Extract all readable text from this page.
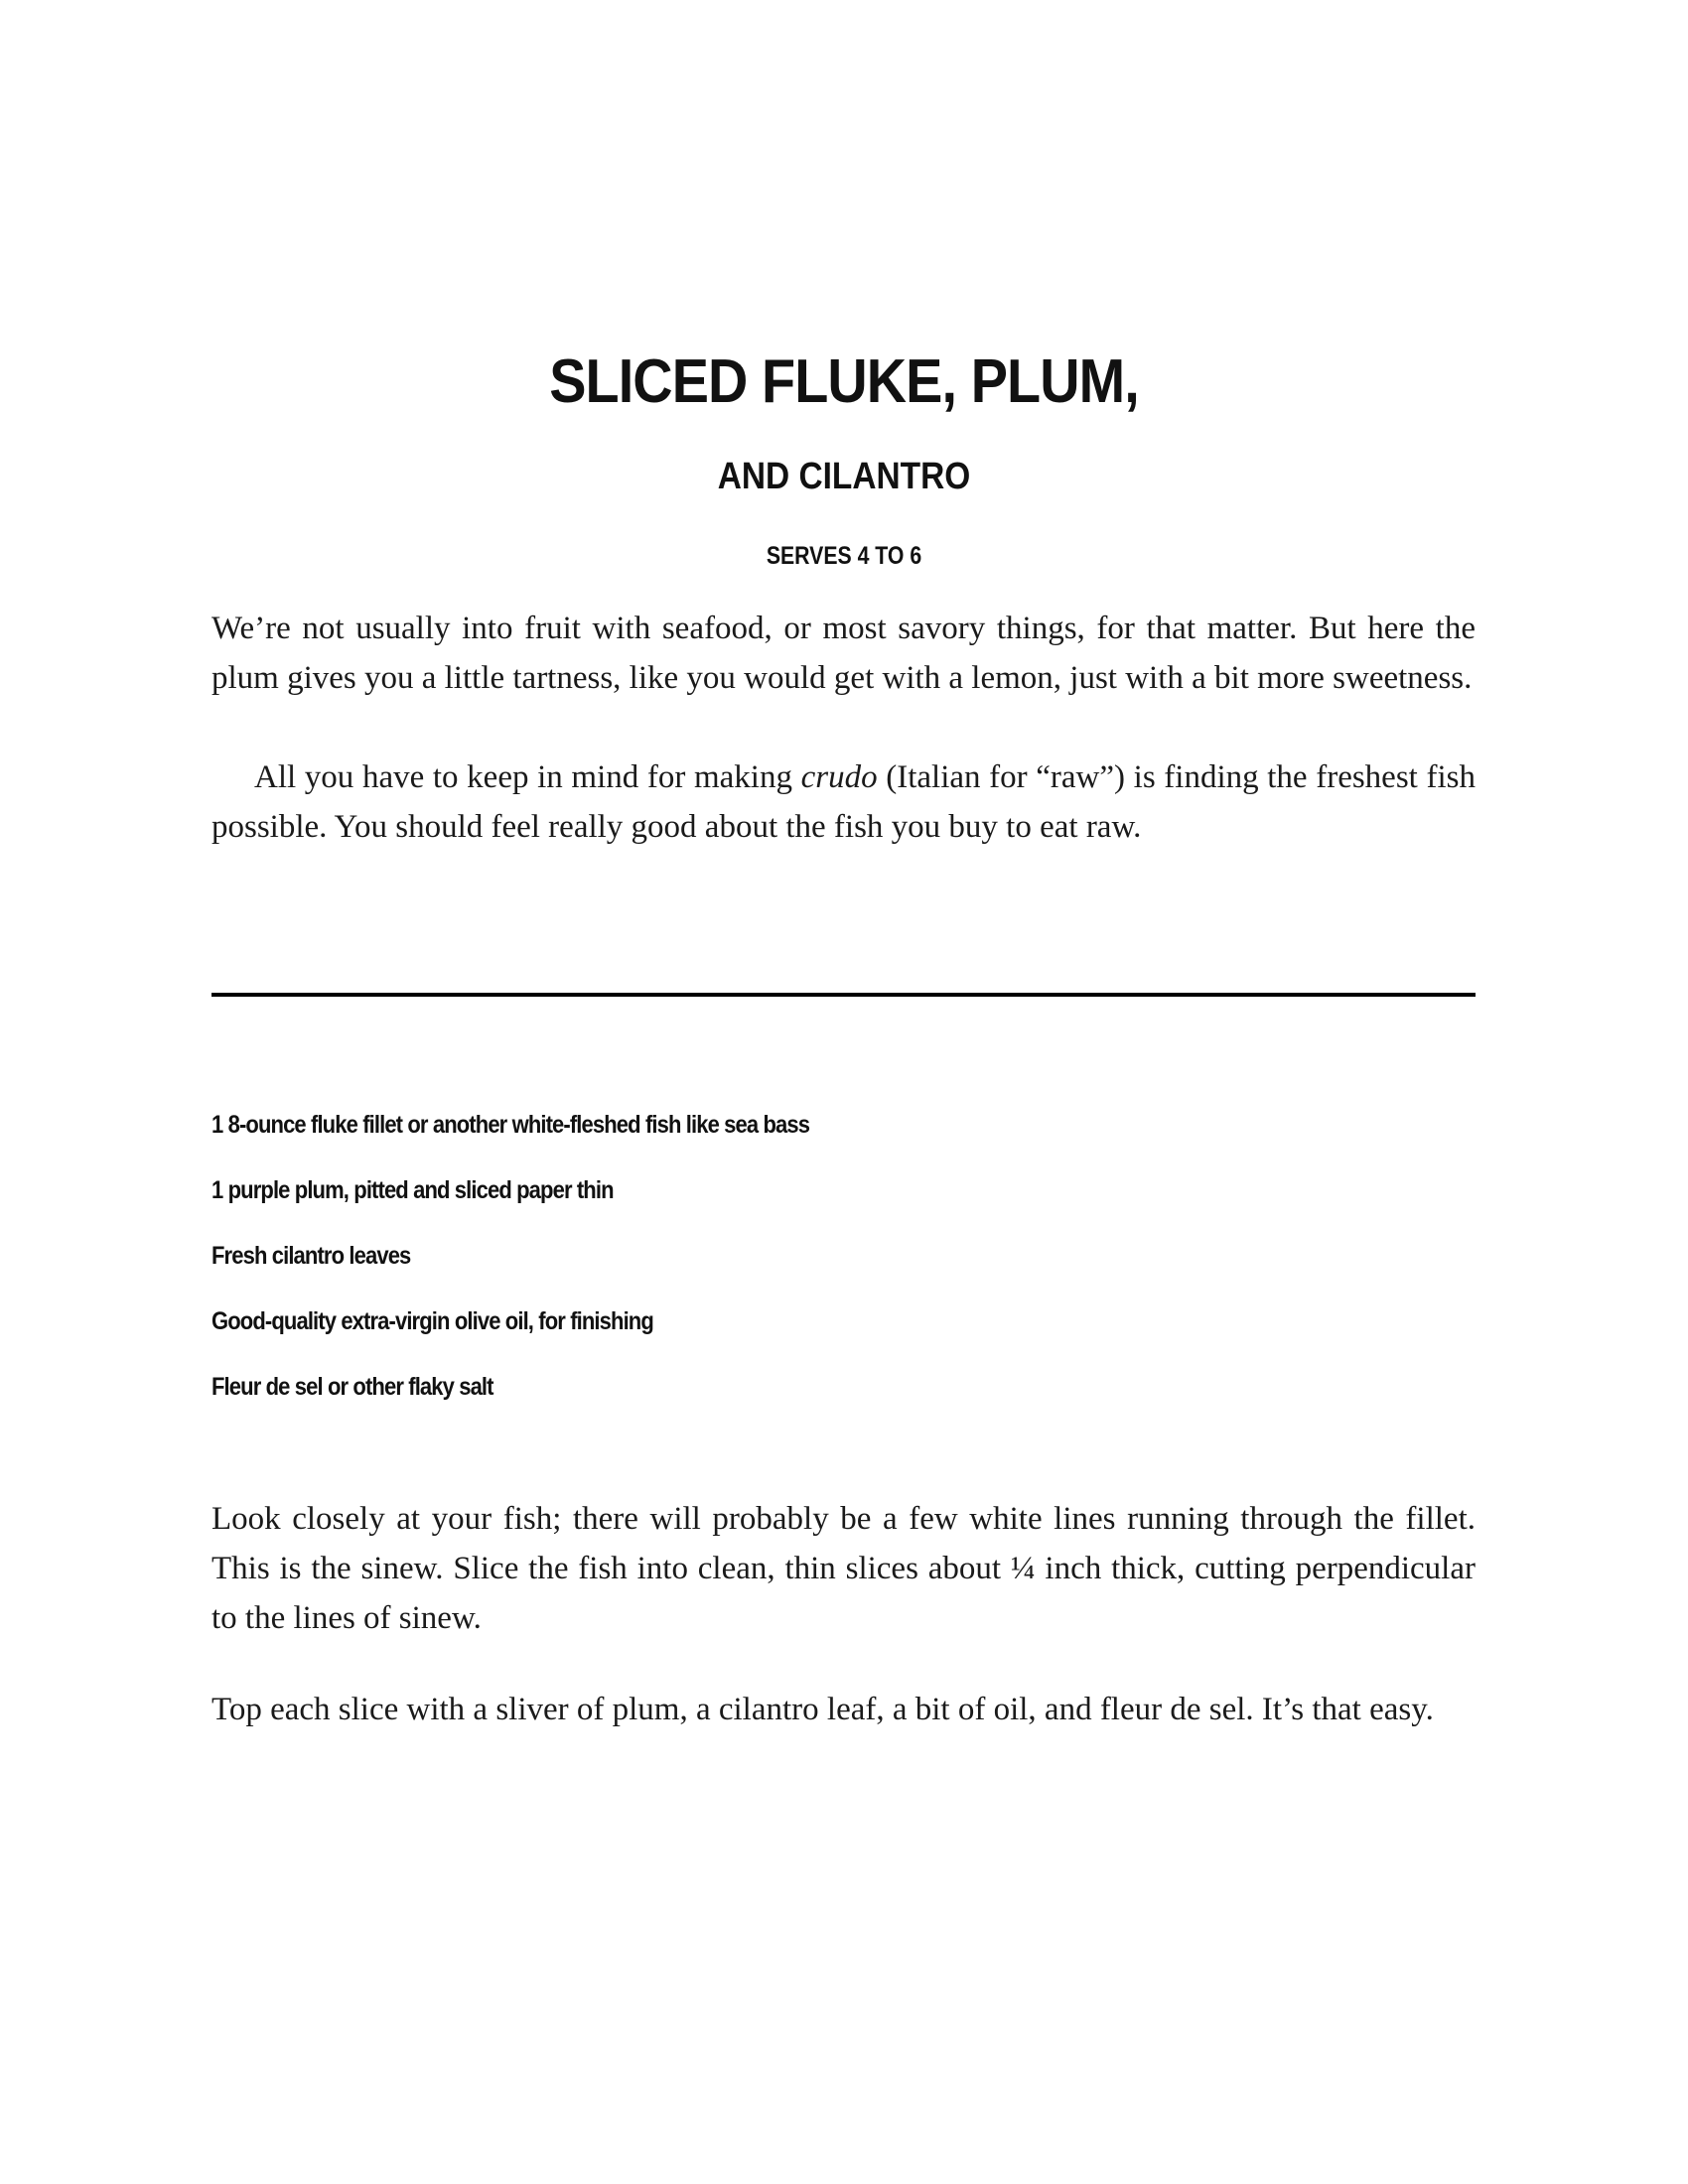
SLICED FLUKE, PLUM,
AND CILANTRO
SERVES 4 TO 6

We’re not usually into fruit with seafood, or most savory things, for that matter. But here the plum gives you a little tartness, like you would get with a lemon, just with a bit more sweetness.

All you have to keep in mind for making crudo (Italian for “raw”) is finding the freshest fish possible. You should feel really good about the fish you buy to eat raw.

1 8-ounce fluke fillet or another white-fleshed fish like sea bass
1 purple plum, pitted and sliced paper thin
Fresh cilantro leaves
Good-quality extra-virgin olive oil, for finishing
Fleur de sel or other flaky salt

Look closely at your fish; there will probably be a few white lines running through the fillet. This is the sinew. Slice the fish into clean, thin slices about ¼ inch thick, cutting perpendicular to the lines of sinew.

Top each slice with a sliver of plum, a cilantro leaf, a bit of oil, and fleur de sel. It’s that easy.
